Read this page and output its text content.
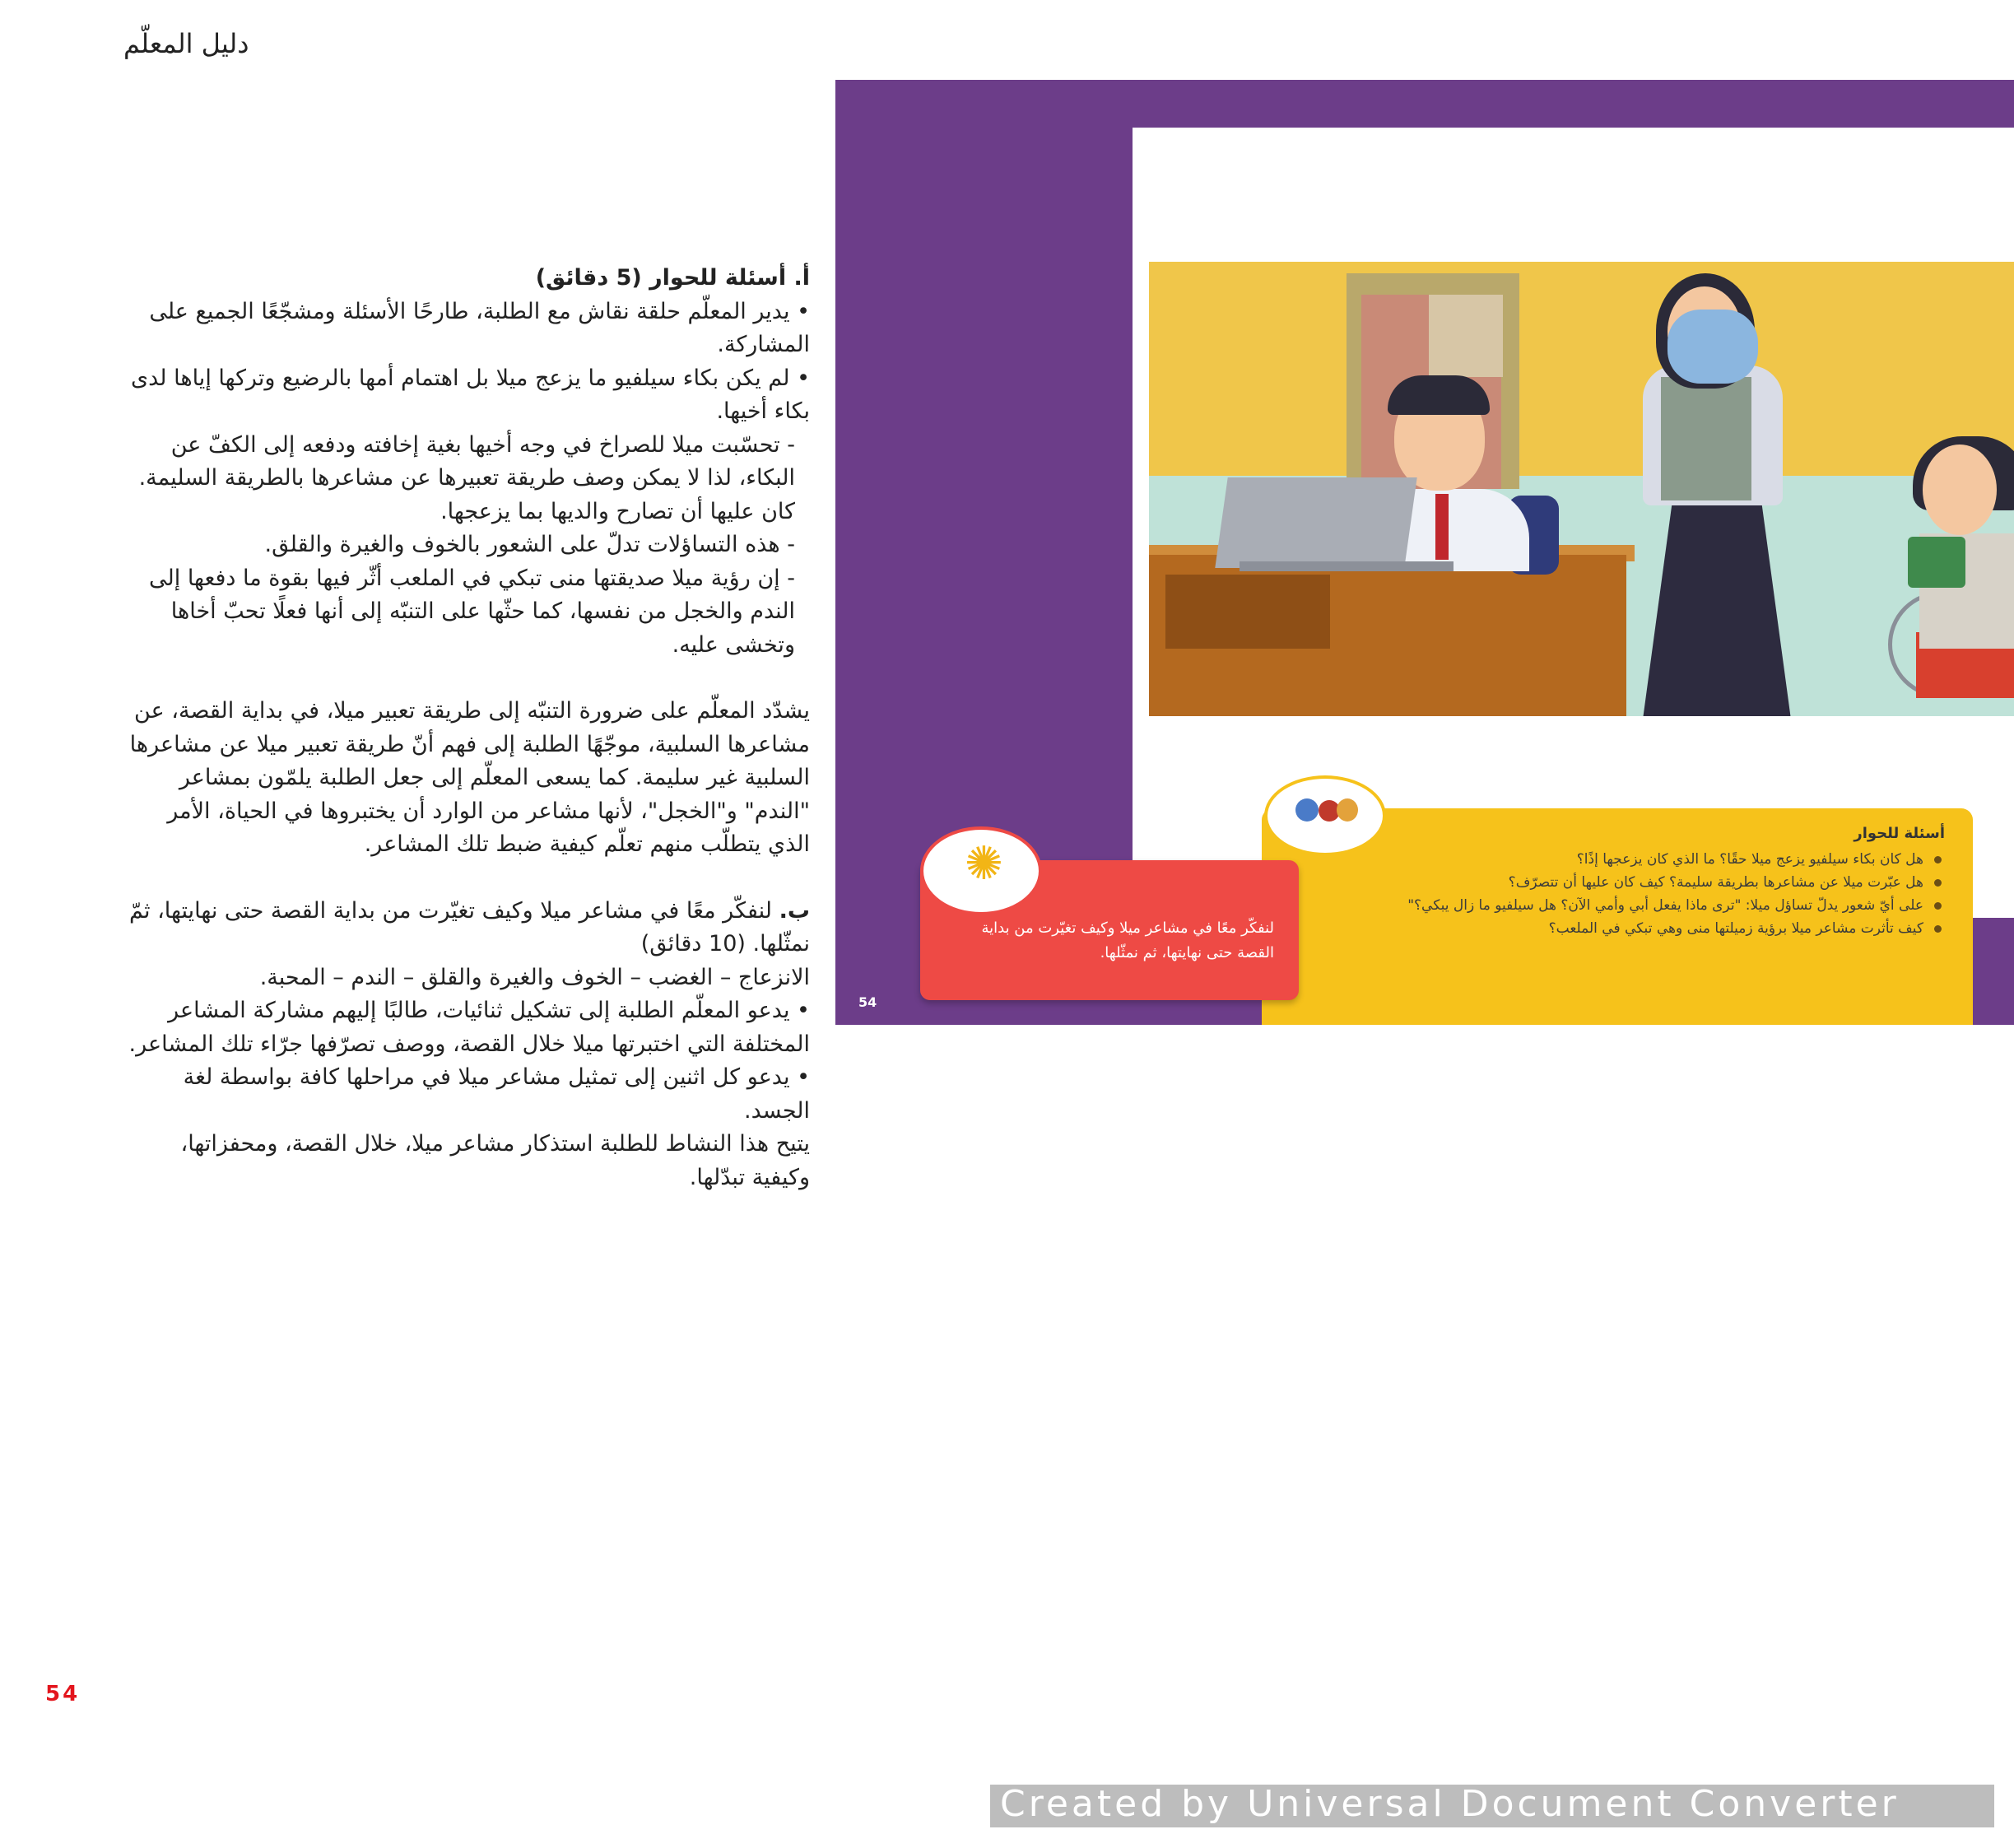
دليل المعلّم

أ. أسئلة للحوار (5 دقائق)

• يدير المعلّم حلقة نقاش مع الطلبة، طارحًا الأسئلة ومشجّعًا الجميع على المشاركة.

• لم يكن بكاء سيلفيو ما يزعج ميلا بل اهتمام أمها بالرضيع وتركها إياها لدى بكاء أخيها.

- تحسّبت ميلا للصراخ في وجه أخيها بغية إخافته ودفعه إلى الكفّ عن البكاء، لذا لا يمكن وصف طريقة تعبيرها عن مشاعرها بالطريقة السليمة. كان عليها أن تصارح والديها بما يزعجها.

- هذه التساؤلات تدلّ على الشعور بالخوف والغيرة والقلق.

- إن رؤية ميلا صديقتها منى تبكي في الملعب أثّر فيها بقوة ما دفعها إلى الندم والخجل من نفسها، كما حثّها على التنبّه إلى أنها فعلًا تحبّ أخاها وتخشى عليه.

يشدّد المعلّم على ضرورة التنبّه إلى طريقة تعبير ميلا، في بداية القصة، عن مشاعرها السلبية، موجّهًا الطلبة إلى فهم أنّ طريقة تعبير ميلا عن مشاعرها السلبية غير سليمة. كما يسعى المعلّم إلى جعل الطلبة يلمّون بمشاعر "الندم" و"الخجل"، لأنها مشاعر من الوارد أن يختبروها في الحياة، الأمر الذي يتطلّب منهم تعلّم كيفية ضبط تلك المشاعر.

ب. لنفكّر معًا في مشاعر ميلا وكيف تغيّرت من بداية القصة حتى نهايتها، ثمّ نمثّلها. (10 دقائق)

الانزعاج – الغضب – الخوف والغيرة والقلق – الندم – المحبة.

• يدعو المعلّم الطلبة إلى تشكيل ثنائيات، طالبًا إليهم مشاركة المشاعر المختلفة التي اختبرتها ميلا خلال القصة، ووصف تصرّفها جرّاء تلك المشاعر.

• يدعو كل اثنين إلى تمثيل مشاعر ميلا في مراحلها كافة بواسطة لغة الجسد.

يتيح هذا النشاط للطلبة استذكار مشاعر ميلا، خلال القصة، ومحفزاتها، وكيفية تبدّلها.

54
أسئلة للحوار
هل كان بكاء سيلفيو يزعج ميلا حقًا؟ ما الذي كان يزعجها إذًا؟
هل عبّرت ميلا عن مشاعرها بطريقة سليمة؟ كيف كان عليها أن تتصرّف؟
على أيّ شعور يدلّ تساؤل ميلا: "ترى ماذا يفعل أبي وأمي الآن؟ هل سيلفيو ما زال يبكي؟"
كيف تأثرت مشاعر ميلا برؤية زميلتها منى وهي تبكي في الملعب؟
لنفكّر معًا في مشاعر ميلا وكيف تغيّرت من بداية القصة حتى نهايتها، ثم نمثّلها.
✺
54
Created by Universal Document Converter
